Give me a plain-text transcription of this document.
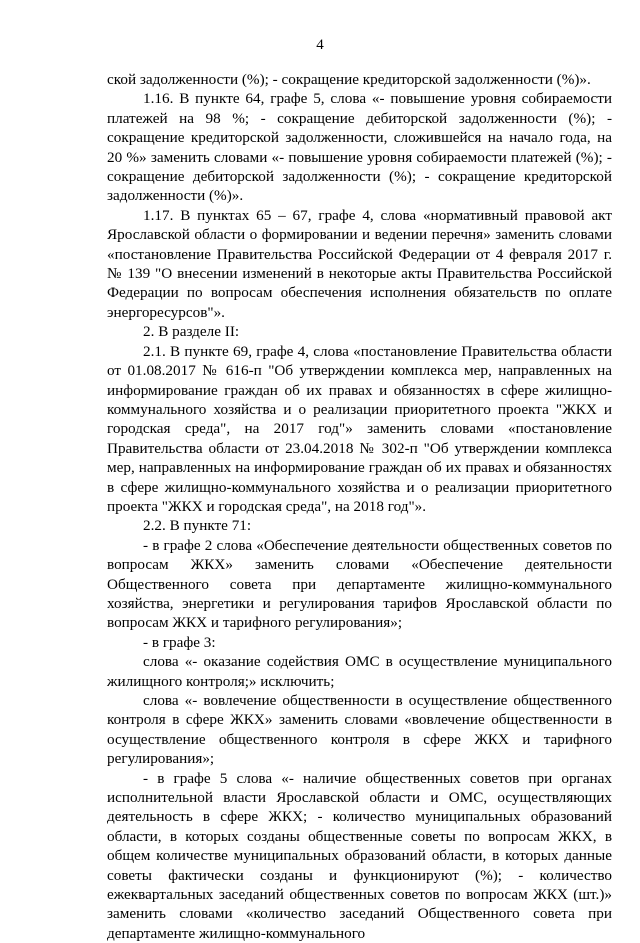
4

ской задолженности (%); - сокращение кредиторской задолженности (%)».

1.16. В пункте 64, графе 5, слова «- повышение уровня собираемости платежей на 98 %; - сокращение дебиторской задолженности (%); - сокращение кредиторской задолженности, сложившейся на начало года, на 20 %» заменить словами «- повышение уровня собираемости платежей (%); - сокращение дебиторской задолженности (%); - сокращение кредиторской задолженности (%)».

1.17. В пунктах 65 – 67, графе 4, слова «нормативный правовой акт Ярославской области о формировании и ведении перечня» заменить словами «постановление Правительства Российской Федерации от 4 февраля 2017 г. № 139 "О внесении изменений в некоторые акты Правительства Российской Федерации по вопросам обеспечения исполнения обязательств по оплате энергоресурсов"».

2. В разделе II:

2.1. В пункте 69, графе 4, слова «постановление Правительства области от 01.08.2017 № 616-п "Об утверждении комплекса мер, направленных на информирование граждан об их правах и обязанностях в сфере жилищно-коммунального хозяйства и о реализации приоритетного проекта "ЖКХ и городская среда", на 2017 год"» заменить словами «постановление Правительства области от 23.04.2018 № 302-п "Об утверждении комплекса мер, направленных на информирование граждан об их правах и обязанностях в сфере жилищно-коммунального хозяйства и о реализации приоритетного проекта "ЖКХ и городская среда", на 2018 год"».

2.2. В пункте 71:

- в графе 2 слова «Обеспечение деятельности общественных советов по вопросам ЖКХ» заменить словами «Обеспечение деятельности Общественного совета при департаменте жилищно-коммунального хозяйства, энергетики и регулирования тарифов Ярославской области по вопросам ЖКХ и тарифного регулирования»;

- в графе 3:

слова «- оказание содействия ОМС в осуществление муниципального жилищного контроля;» исключить;

слова «- вовлечение общественности в осуществление общественного контроля в сфере ЖКХ» заменить словами «вовлечение общественности в осуществление общественного контроля в сфере ЖКХ и тарифного регулирования»;

- в графе 5 слова «- наличие общественных советов при органах исполнительной власти Ярославской области и ОМС, осуществляющих деятельность в сфере ЖКХ; - количество муниципальных образований области, в которых созданы общественные советы по вопросам ЖКХ, в общем количестве муниципальных образований области, в которых данные советы фактически созданы и функционируют (%); - количество ежеквартальных заседаний общественных советов по вопросам ЖКХ (шт.)» заменить словами «количество заседаний Общественного совета при департаменте жилищно-коммунального
